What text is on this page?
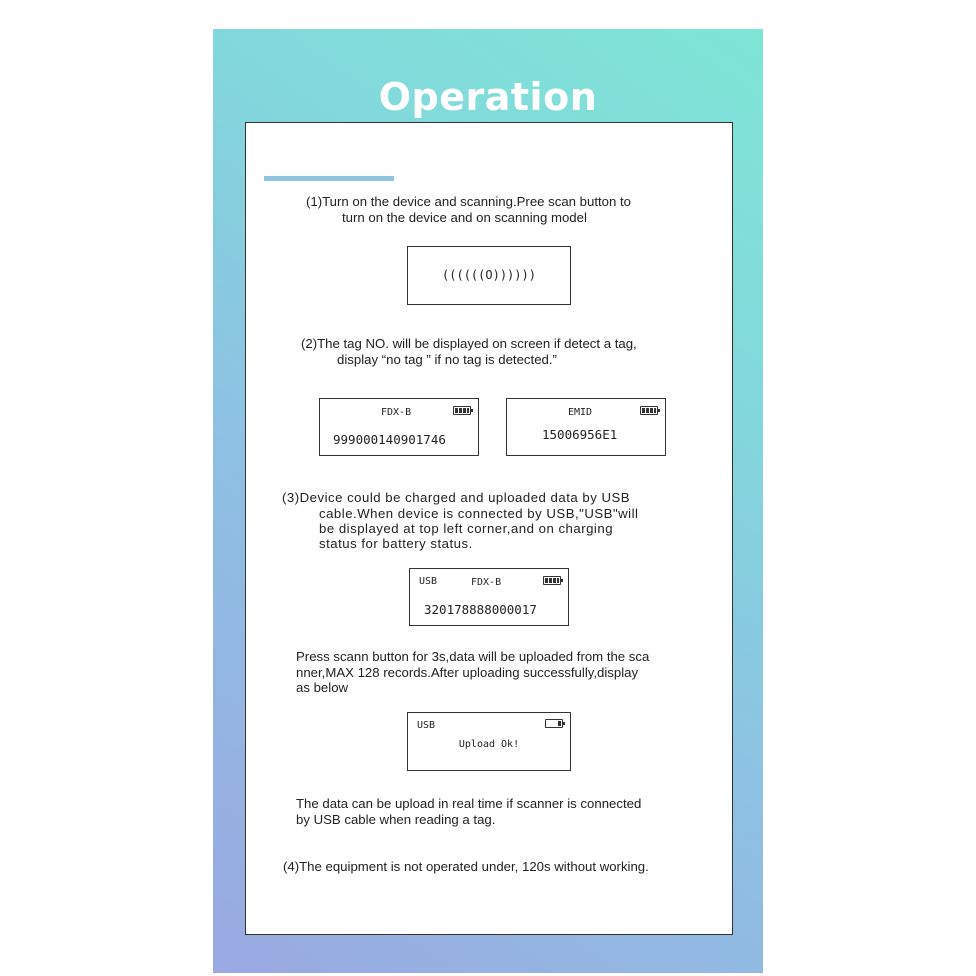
Operation
(1)Turn on the device and scanning.Pree scan button to
turn on the device and on scanning model
((((((O))))))
(2)The tag NO. will be displayed on screen if detect a tag,
display “no tag ” if no tag is detected.”
FDX-B
999000140901746
EMID
15006956E1
(3)Device could be charged and uploaded data by USB
cable.When device is connected by USB,"USB"will
be displayed at top left corner,and on charging
status for battery status.
USB	FDX-B
320178888000017
Press scann button for 3s,data will be uploaded from the sca
nner,MAX 128 records.After uploading successfully,display
as below
USB
Upload Ok!
The data can be upload in real time if scanner is connected
by USB cable when reading a tag.
(4)The equipment is not operated under, 120s without working.
